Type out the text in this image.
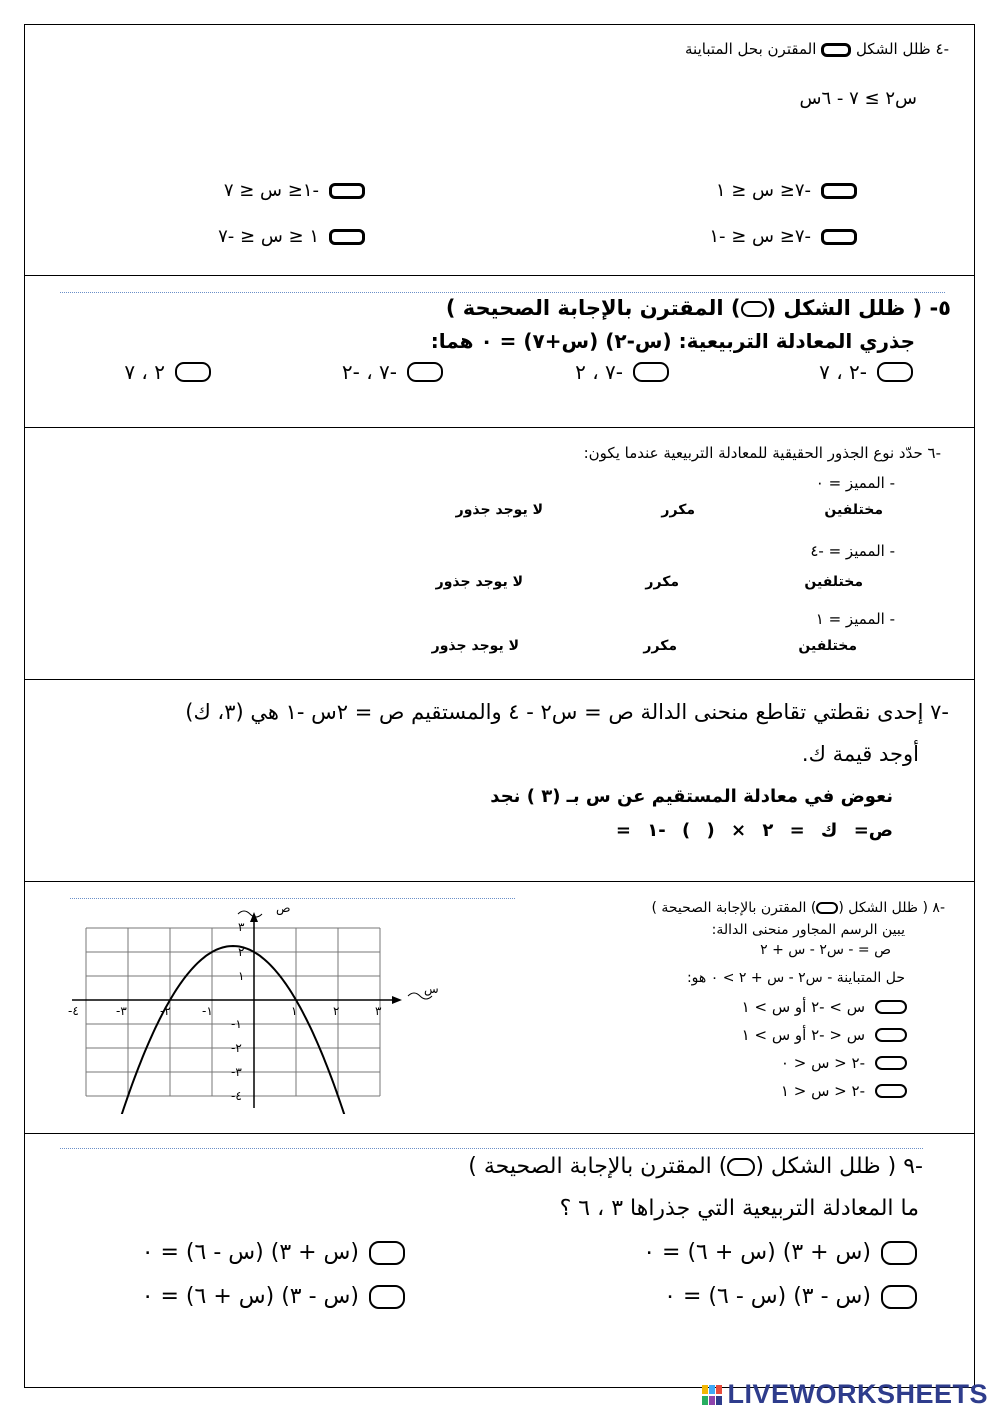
-٤ ظلل الشكل  المقترن بحل المتباينة
س٢ ≥ ٧ - ٦س
-٧≤ س ≤ ١
-١≤ س ≤ ٧
-٧≤ س ≤ -١
١ ≤ س ≤ -٧
٥- ( ظلل الشكل () المقترن بالإجابة الصحيحة )
جذري المعادلة التربيعية: (س-٢) (س+٧) = ٠ هما:
-٢ ، ٧
-٧ ، ٢
-٧ ، -٢
٢ ، ٧
-٦ حدّد نوع الجذور الحقيقية للمعادلة التربيعية عندما يكون:
- المميز = ٠
مختلفين
مكرر
لا يوجد جذور
- المميز = -٤
مختلفين
مكرر
لا يوجد جذور
- المميز = ١
مختلفين
مكرر
لا يوجد جذور
-٧ إحدى نقطتي تقاطع منحنى الدالة ص = س٢ - ٤ والمستقيم ص = ٢س -١ هي (٣، ك)
أوجد قيمة ك.
نعوض في معادلة المستقيم عن س بـ (٣ ) نجد
ص= ك = ٢ × ( ) -١ =
-٨ ( ظلل الشكل () المقترن بالإجابة الصحيحة )
يبين الرسم المجاور منحنى الدالة:
ص = - س٢ - س + ٢
حل المتباينة - س٢ - س + ٢ > ٠ هو:
س > -٢ أو س > ١
س < -٢ أو س > ١
-٢ < س < ٠
-٢ < س < ١
ص
س
-٤	-٣	-٢	-١	١	٢	٣
٣
٢
١
-١
-٢
-٣
-٤
-٩ ( ظلل الشكل () المقترن بالإجابة الصحيحة )
ما المعادلة التربيعية التي جذراها ٣ ، ٦ ؟
(س + ٣) (س + ٦) = ٠
(س + ٣) (س - ٦) = ٠
(س - ٣) (س - ٦) = ٠
(س - ٣) (س + ٦) = ٠
LIVEWORKSHEETS
